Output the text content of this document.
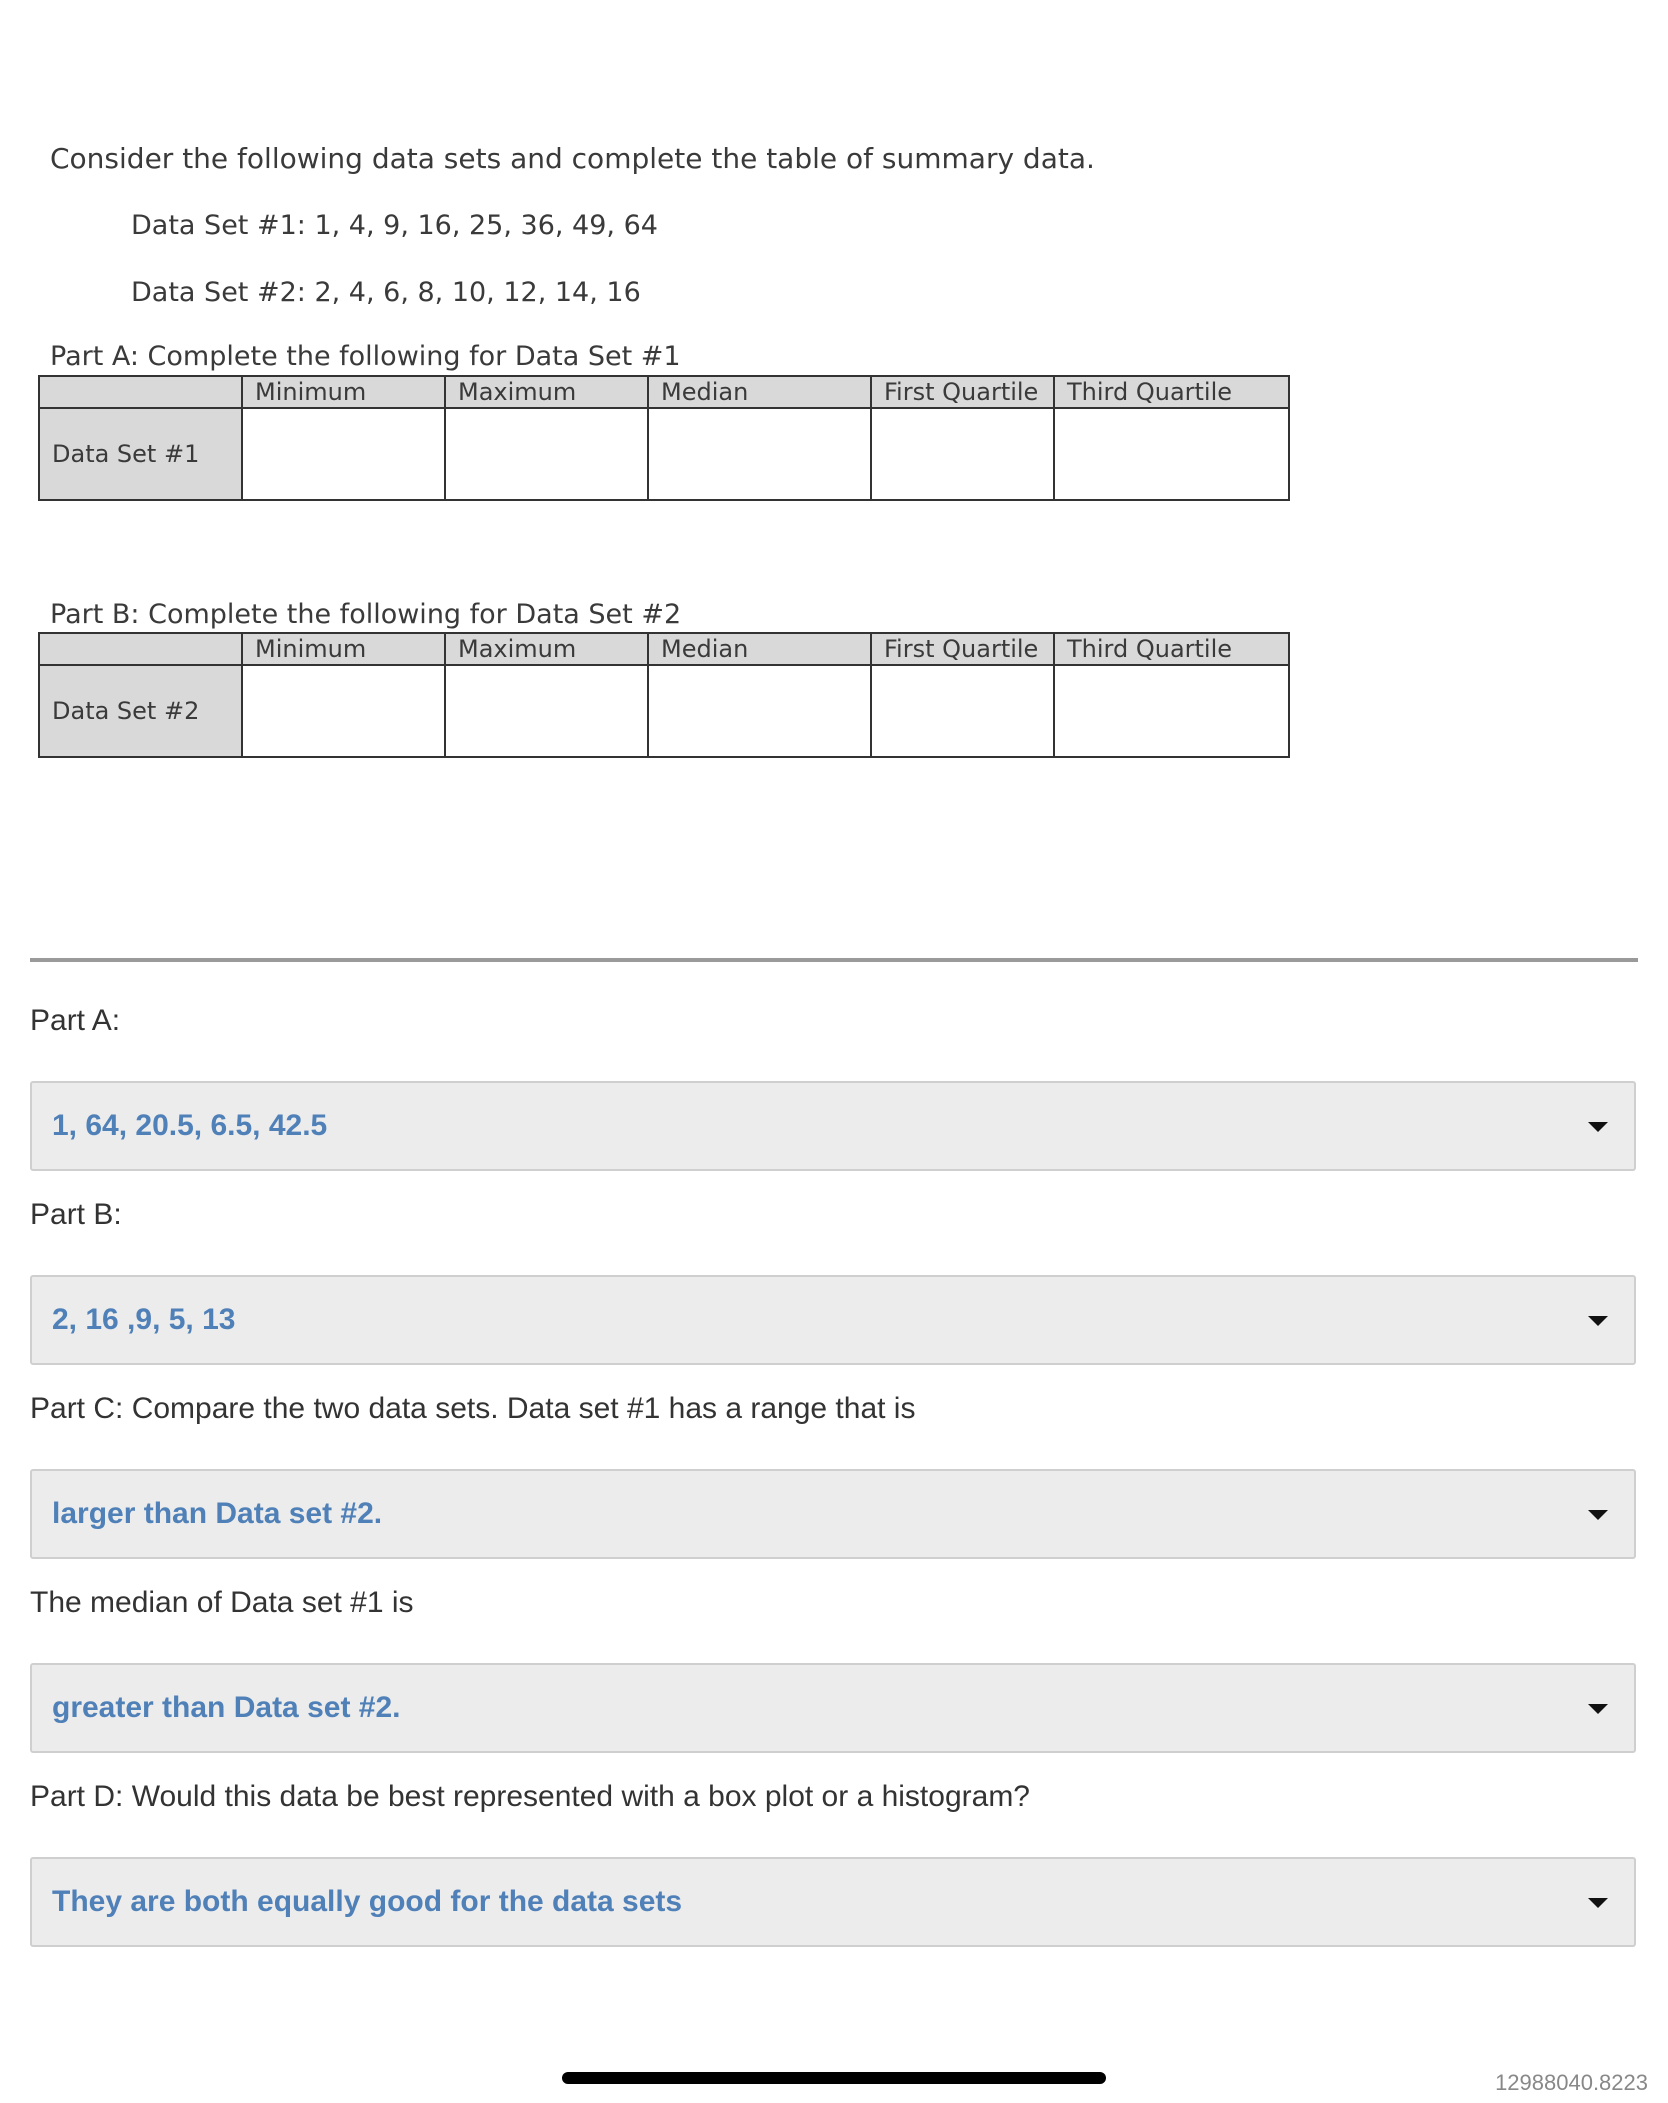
Consider the following data sets and complete the table of summary data.
Data Set #1: 1, 4, 9, 16, 25, 36, 49, 64
Data Set #2: 2, 4, 6, 8, 10, 12, 14, 16
Part A: Complete the following for Data Set #1
	Minimum	Maximum	Median	First Quartile	Third Quartile
Data Set #1					
Part B: Complete the following for Data Set #2
	Minimum	Maximum	Median	First Quartile	Third Quartile
Data Set #2					
Part A:
1, 64, 20.5, 6.5, 42.5
Part B:
2, 16 ,9, 5, 13
Part C: Compare the two data sets. Data set #1 has a range that is
larger than Data set #2.
The median of Data set #1 is
greater than Data set #2.
Part D: Would this data be best represented with a box plot or a histogram?
They are both equally good for the data sets
12988040.8223
